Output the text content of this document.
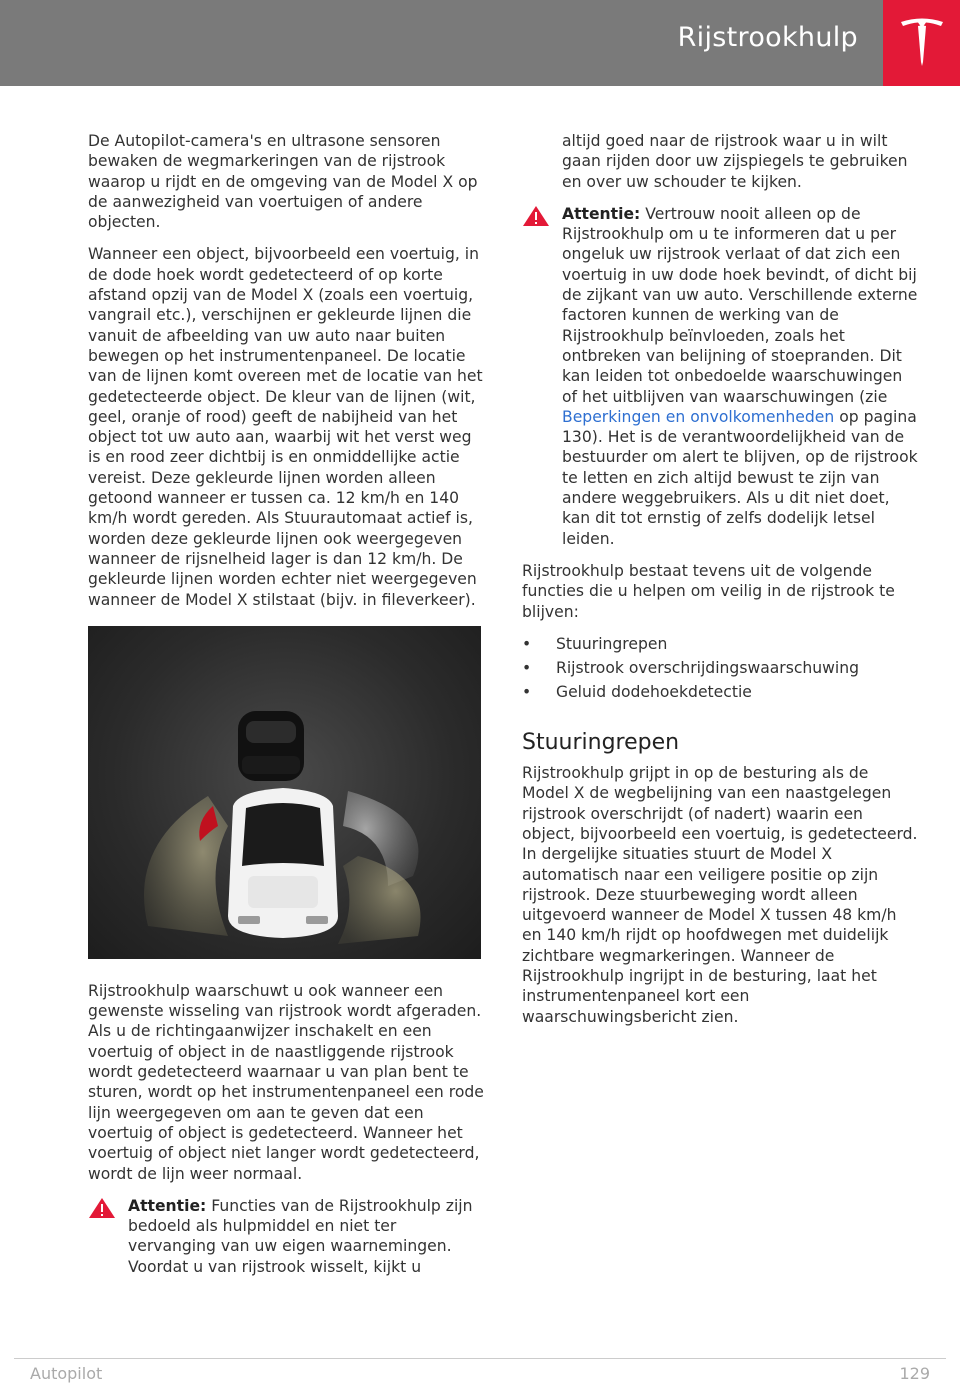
Rijstrookhulp

De Autopilot-camera's en ultrasone sensoren bewaken de wegmarkeringen van de rijstrook waarop u rijdt en de omgeving van de Model X op de aanwezigheid van voertuigen of andere objecten.

Wanneer een object, bijvoorbeeld een voertuig, in de dode hoek wordt gedetecteerd of op korte afstand opzij van de Model X (zoals een voertuig, vangrail etc.), verschijnen er gekleurde lijnen die vanuit de afbeelding van uw auto naar buiten bewegen op het instrumentenpaneel. De locatie van de lijnen komt overeen met de locatie van het gedetecteerde object. De kleur van de lijnen (wit, geel, oranje of rood) geeft de nabijheid van het object tot uw auto aan, waarbij wit het verst weg is en rood zeer dichtbij is en onmiddellijke actie vereist. Deze gekleurde lijnen worden alleen getoond wanneer er tussen ca. 12 km/h en 140 km/h wordt gereden. Als Stuurautomaat actief is, worden deze gekleurde lijnen ook weergegeven wanneer de rijsnelheid lager is dan 12 km/h. De gekleurde lijnen worden echter niet weergegeven wanneer de Model X stilstaat (bijv. in fileverkeer).

Rijstrookhulp waarschuwt u ook wanneer een gewenste wisseling van rijstrook wordt afgeraden. Als u de richtingaanwijzer inschakelt en een voertuig of object in de naastliggende rijstrook wordt gedetecteerd waarnaar u van plan bent te sturen, wordt op het instrumentenpaneel een rode lijn weergegeven om aan te geven dat een voertuig of object is gedetecteerd. Wanneer het voertuig of object niet langer wordt gedetecteerd, wordt de lijn weer normaal.

Attentie: Functies van de Rijstrookhulp zijn bedoeld als hulpmiddel en niet ter vervanging van uw eigen waarnemingen. Voordat u van rijstrook wisselt, kijkt u

altijd goed naar de rijstrook waar u in wilt gaan rijden door uw zijspiegels te gebruiken en over uw schouder te kijken.

Attentie: Vertrouw nooit alleen op de Rijstrookhulp om u te informeren dat u per ongeluk uw rijstrook verlaat of dat zich een voertuig in uw dode hoek bevindt, of dicht bij de zijkant van uw auto. Verschillende externe factoren kunnen de werking van de Rijstrookhulp beïnvloeden, zoals het ontbreken van belijning of stoepranden. Dit kan leiden tot onbedoelde waarschuwingen of het uitblijven van waarschuwingen (zie Beperkingen en onvolkomenheden op pagina 130). Het is de verantwoordelijkheid van de bestuurder om alert te blijven, op de rijstrook te letten en zich altijd bewust te zijn van andere weggebruikers. Als u dit niet doet, kan dit tot ernstig of zelfs dodelijk letsel leiden.

Rijstrookhulp bestaat tevens uit de volgende functies die u helpen om veilig in de rijstrook te blijven:

• Stuuringrepen
• Rijstrook overschrijdingswaarschuwing
• Geluid dodehoekdetectie
Stuuringrepen

Rijstrookhulp grijpt in op de besturing als de Model X de wegbelijning van een naastgelegen rijstrook overschrijdt (of nadert) waarin een object, bijvoorbeeld een voertuig, is gedetecteerd. In dergelijke situaties stuurt de Model X automatisch naar een veiligere positie op zijn rijstrook. Deze stuurbeweging wordt alleen uitgevoerd wanneer de Model X tussen 48 km/h en 140 km/h rijdt op hoofdwegen met duidelijk zichtbare wegmarkeringen. Wanneer de Rijstrookhulp ingrijpt in de besturing, laat het instrumentenpaneel kort een waarschuwingsbericht zien.

Autopilot	129
